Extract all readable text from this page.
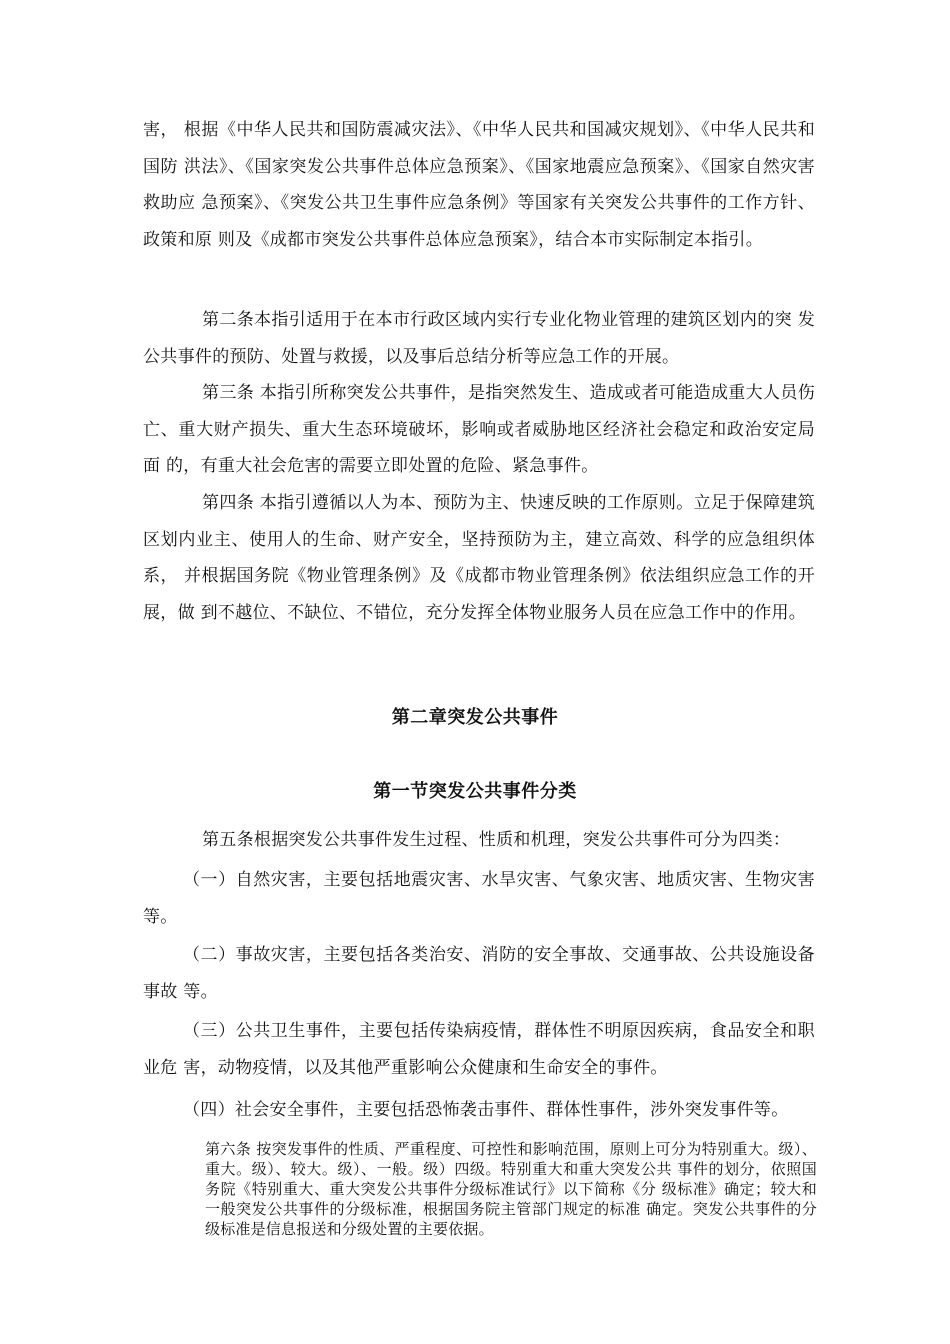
害， 根据《中华人民共和国防震减灾法》、《中华人民共和国减灾规划》、《中华人民共和国防 洪法》、《国家突发公共事件总体应急预案》、《国家地震应急预案》、《国家自然灾害救助应 急预案》、《突发公共卫生事件应急条例》等国家有关突发公共事件的工作方针、政策和原 则及《成都市突发公共事件总体应急预案》，结合本市实际制定本指引。

第二条本指引适用于在本市行政区域内实行专业化物业管理的建筑区划内的突 发公共事件的预防、处置与救援，以及事后总结分析等应急工作的开展。

第三条 本指引所称突发公共事件，是指突然发生、造成或者可能造成重大人员伤亡、重大财产损失、重大生态环境破坏，影响或者威胁地区经济社会稳定和政治安定局面 的，有重大社会危害的需要立即处置的危险、紧急事件。

第四条 本指引遵循以人为本、预防为主、快速反映的工作原则。立足于保障建筑区划内业主、使用人的生命、财产安全，坚持预防为主，建立高效、科学的应急组织体系， 并根据国务院《物业管理条例》及《成都市物业管理条例》依法组织应急工作的开展，做 到不越位、不缺位、不错位，充分发挥全体物业服务人员在应急工作中的作用。

第二章突发公共事件
第一节突发公共事件分类

第五条根据突发公共事件发生过程、性质和机理，突发公共事件可分为四类：

（一）自然灾害，主要包括地震灾害、水旱灾害、气象灾害、地质灾害、生物灾害等。

（二）事故灾害，主要包括各类治安、消防的安全事故、交通事故、公共设施设备事故 等。

（三）公共卫生事件，主要包括传染病疫情，群体性不明原因疾病，食品安全和职业危 害，动物疫情，以及其他严重影响公众健康和生命安全的事件。

（四）社会安全事件，主要包括恐怖袭击事件、群体性事件，涉外突发事件等。

第六条 按突发事件的性质、严重程度、可控性和影响范围，原则上可分为特别重大。级）、重大。级）、较大。级）、一般。级）四级。特别重大和重大突发公共 事件的划分，依照国务院《特别重大、重大突发公共事件分级标准试行》以下简称《分 级标准》确定；较大和一般突发公共事件的分级标准，根据国务院主管部门规定的标准 确定。突发公共事件的分级标准是信息报送和分级处置的主要依据。
